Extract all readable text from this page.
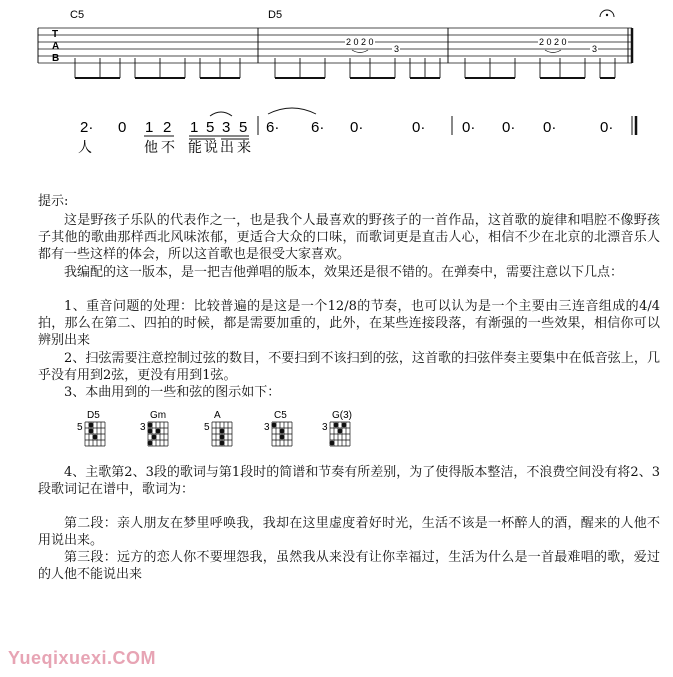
C5	D5
T
A
B
2 0 2 0
3
2 0 2 0
3
2· 0 1 2 1 5 3 5 6· 6· 0·	0· 0· 0· 0·	0·
人	他 不 能 说 出 来
提示:
这是野孩子乐队的代表作之一，也是我个人最喜欢的野孩子的一首作品，这首歌的旋律和唱腔不像野孩子其他的歌曲那样西北风味浓郁，更适合大众的口味，而歌词更是直击人心，相信不少在北京的北漂音乐人都有一些这样的体会，所以这首歌也是很受大家喜欢。
我编配的这一版本，是一把吉他弹唱的版本，效果还是很不错的。在弹奏中，需要注意以下几点：
1、重音问题的处理：比较普遍的是这是一个12/8的节奏，也可以认为是一个主要由三连音组成的4/4拍，那么在第二、四拍的时候，都是需要加重的，此外，在某些连接段落，有渐强的一些效果，相信你可以辨别出来
2、扫弦需要注意控制过弦的数目，不要扫到不该扫到的弦，这首歌的扫弦伴奏主要集中在低音弦上，几乎没有用到2弦，更没有用到1弦。
3、本曲用到的一些和弦的图示如下：
D5
5
Gm
3
A
5
C5
3
G(3)
3
4、主歌第2、3段的歌词与第1段时的简谱和节奏有所差别，为了使得版本整洁，不浪费空间没有将2、3段歌词记在谱中，歌词为：
第二段：亲人朋友在梦里呼唤我，我却在这里虚度着好时光，生活不该是一杯醉人的酒，醒来的人他不用说出来。
第三段：远方的恋人你不要埋怨我，虽然我从来没有让你幸福过，生活为什么是一首最难唱的歌，爱过的人他不能说出来
Yueqixuexi.COM
